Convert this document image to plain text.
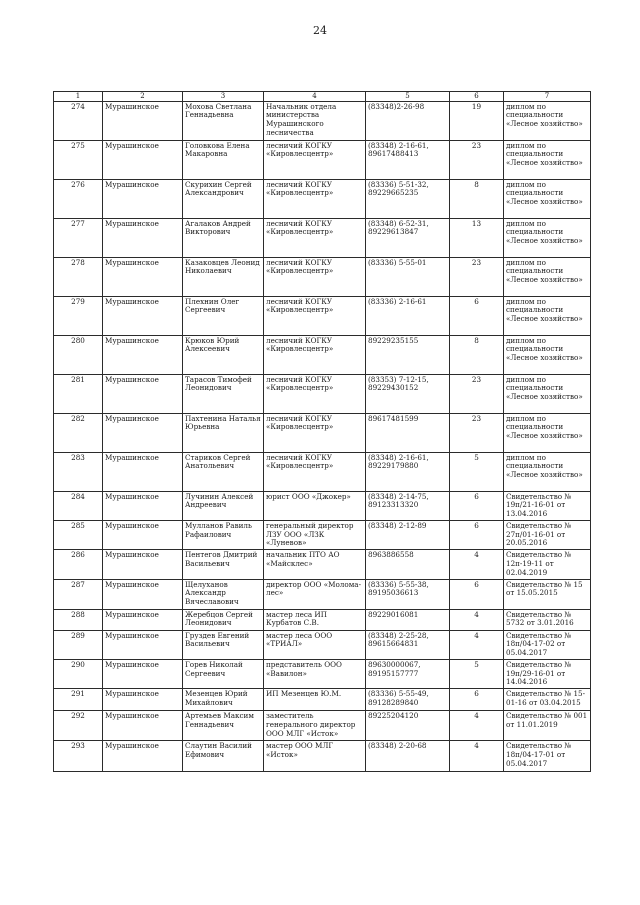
24
1	2	3	4	5	6	7
274	Мурашинское	Мохова Светлана Геннадьевна	Начальник отдела министерства Мурашинского лесничества	(83348)2-26-98	19	диплом по специальности «Лесное хозяйство»
275	Мурашинское	Головкова Елена Макаровна	лесничий КОГКУ «Кировлесцентр»	(83348) 2-16-61, 89617488413	23	диплом по специальности «Лесное хозяйство»
276	Мурашинское	Скурихин Сергей Александрович	лесничий КОГКУ «Кировлесцентр»	(83336) 5-51-32, 89229665235	8	диплом по специальности «Лесное хозяйство»
277	Мурашинское	Агалаков Андрей Викторович	лесничий КОГКУ «Кировлесцентр»	(83348) 6-52-31, 89229613847	13	диплом по специальности «Лесное хозяйство»
278	Мурашинское	Казаковцев Леонид Николаевич	лесничий КОГКУ «Кировлесцентр»	(83336) 5-55-01	23	диплом по специальности «Лесное хозяйство»
279	Мурашинское	Плехнин Олег Сергеевич	лесничий КОГКУ «Кировлесцентр»	(83336) 2-16-61	6	диплом по специальности «Лесное хозяйство»
280	Мурашинское	Крюков Юрий Алексеевич	лесничий КОГКУ «Кировлесцентр»	89229235155	8	диплом по специальности «Лесное хозяйство»
281	Мурашинское	Тарасов Тимофей Леонидович	лесничий КОГКУ «Кировлесцентр»	(83353) 7-12-15, 89229430152	23	диплом по специальности «Лесное хозяйство»
282	Мурашинское	Пахтенина Наталья Юрьевна	лесничий КОГКУ «Кировлесцентр»	89617481599	23	диплом по специальности «Лесное хозяйство»
283	Мурашинское	Стариков Сергей Анатольевич	лесничий КОГКУ «Кировлесцентр»	(83348) 2-16-61, 89229179880	5	диплом по специальности «Лесное хозяйство»
284	Мурашинское	Лучинин Алексей Андреевич	юрист ООО «Джокер»	(83348) 2-14-75, 89123313320	6	Свидетельство № 19п/21-16-01 от 13.04.2016
285	Мурашинское	Мулланов Равиль Рафаилович	генеральный директор ЛЗУ ООО «ЛЗК «Луневов»	(83348) 2-12-89	6	Свидетельство № 27п/01-16-01 от 20.05.2016
286	Мурашинское	Пентегов Дмитрий Васильевич	начальник ПТО АО «Майсклес»	8963886558	4	Свидетельство № 12п-19-11 от 02.04.2019
287	Мурашинское	Щелуханов Александр Вячеславович	директор ООО «Молома-лес»	(83336) 5-55-38, 89195036613	6	Свидетельство № 15 от 15.05.2015
288	Мурашинское	Жеребцов Сергей Леонидович	мастер леса ИП Курбатов С.В.	89229016081	4	Свидетельство № 5732 от 3.01.2016
289	Мурашинское	Груздев Евгений Васильевич	мастер леса ООО «ТРИАЛ»	(83348) 2-25-28, 89615664831	4	Свидетельство № 18п/04-17-02 от 05.04.2017
290	Мурашинское	Горев Николай Сергеевич	представитель ООО «Вавилон»	89630000067, 89195157777	5	Свидетельство № 19п/29-16-01 от 14.04.2016
291	Мурашинское	Мезенцев Юрий Михайлович	ИП Мезенцев Ю.М.	(83336) 5-55-49, 89128289840	6	Свидетельство № 15-01-16 от 03.04.2015
292	Мурашинское	Артемьев Максим Геннадьевич	заместитель генерального директор ООО МЛГ «Исток»	89225204120	4	Свидетельство № 001 от 11.01.2019
293	Мурашинское	Слаутин Василий Ефимович	мастер ООО МЛГ «Исток»	(83348) 2-20-68	4	Свидетельство № 18п/04-17-01 от 05.04.2017
